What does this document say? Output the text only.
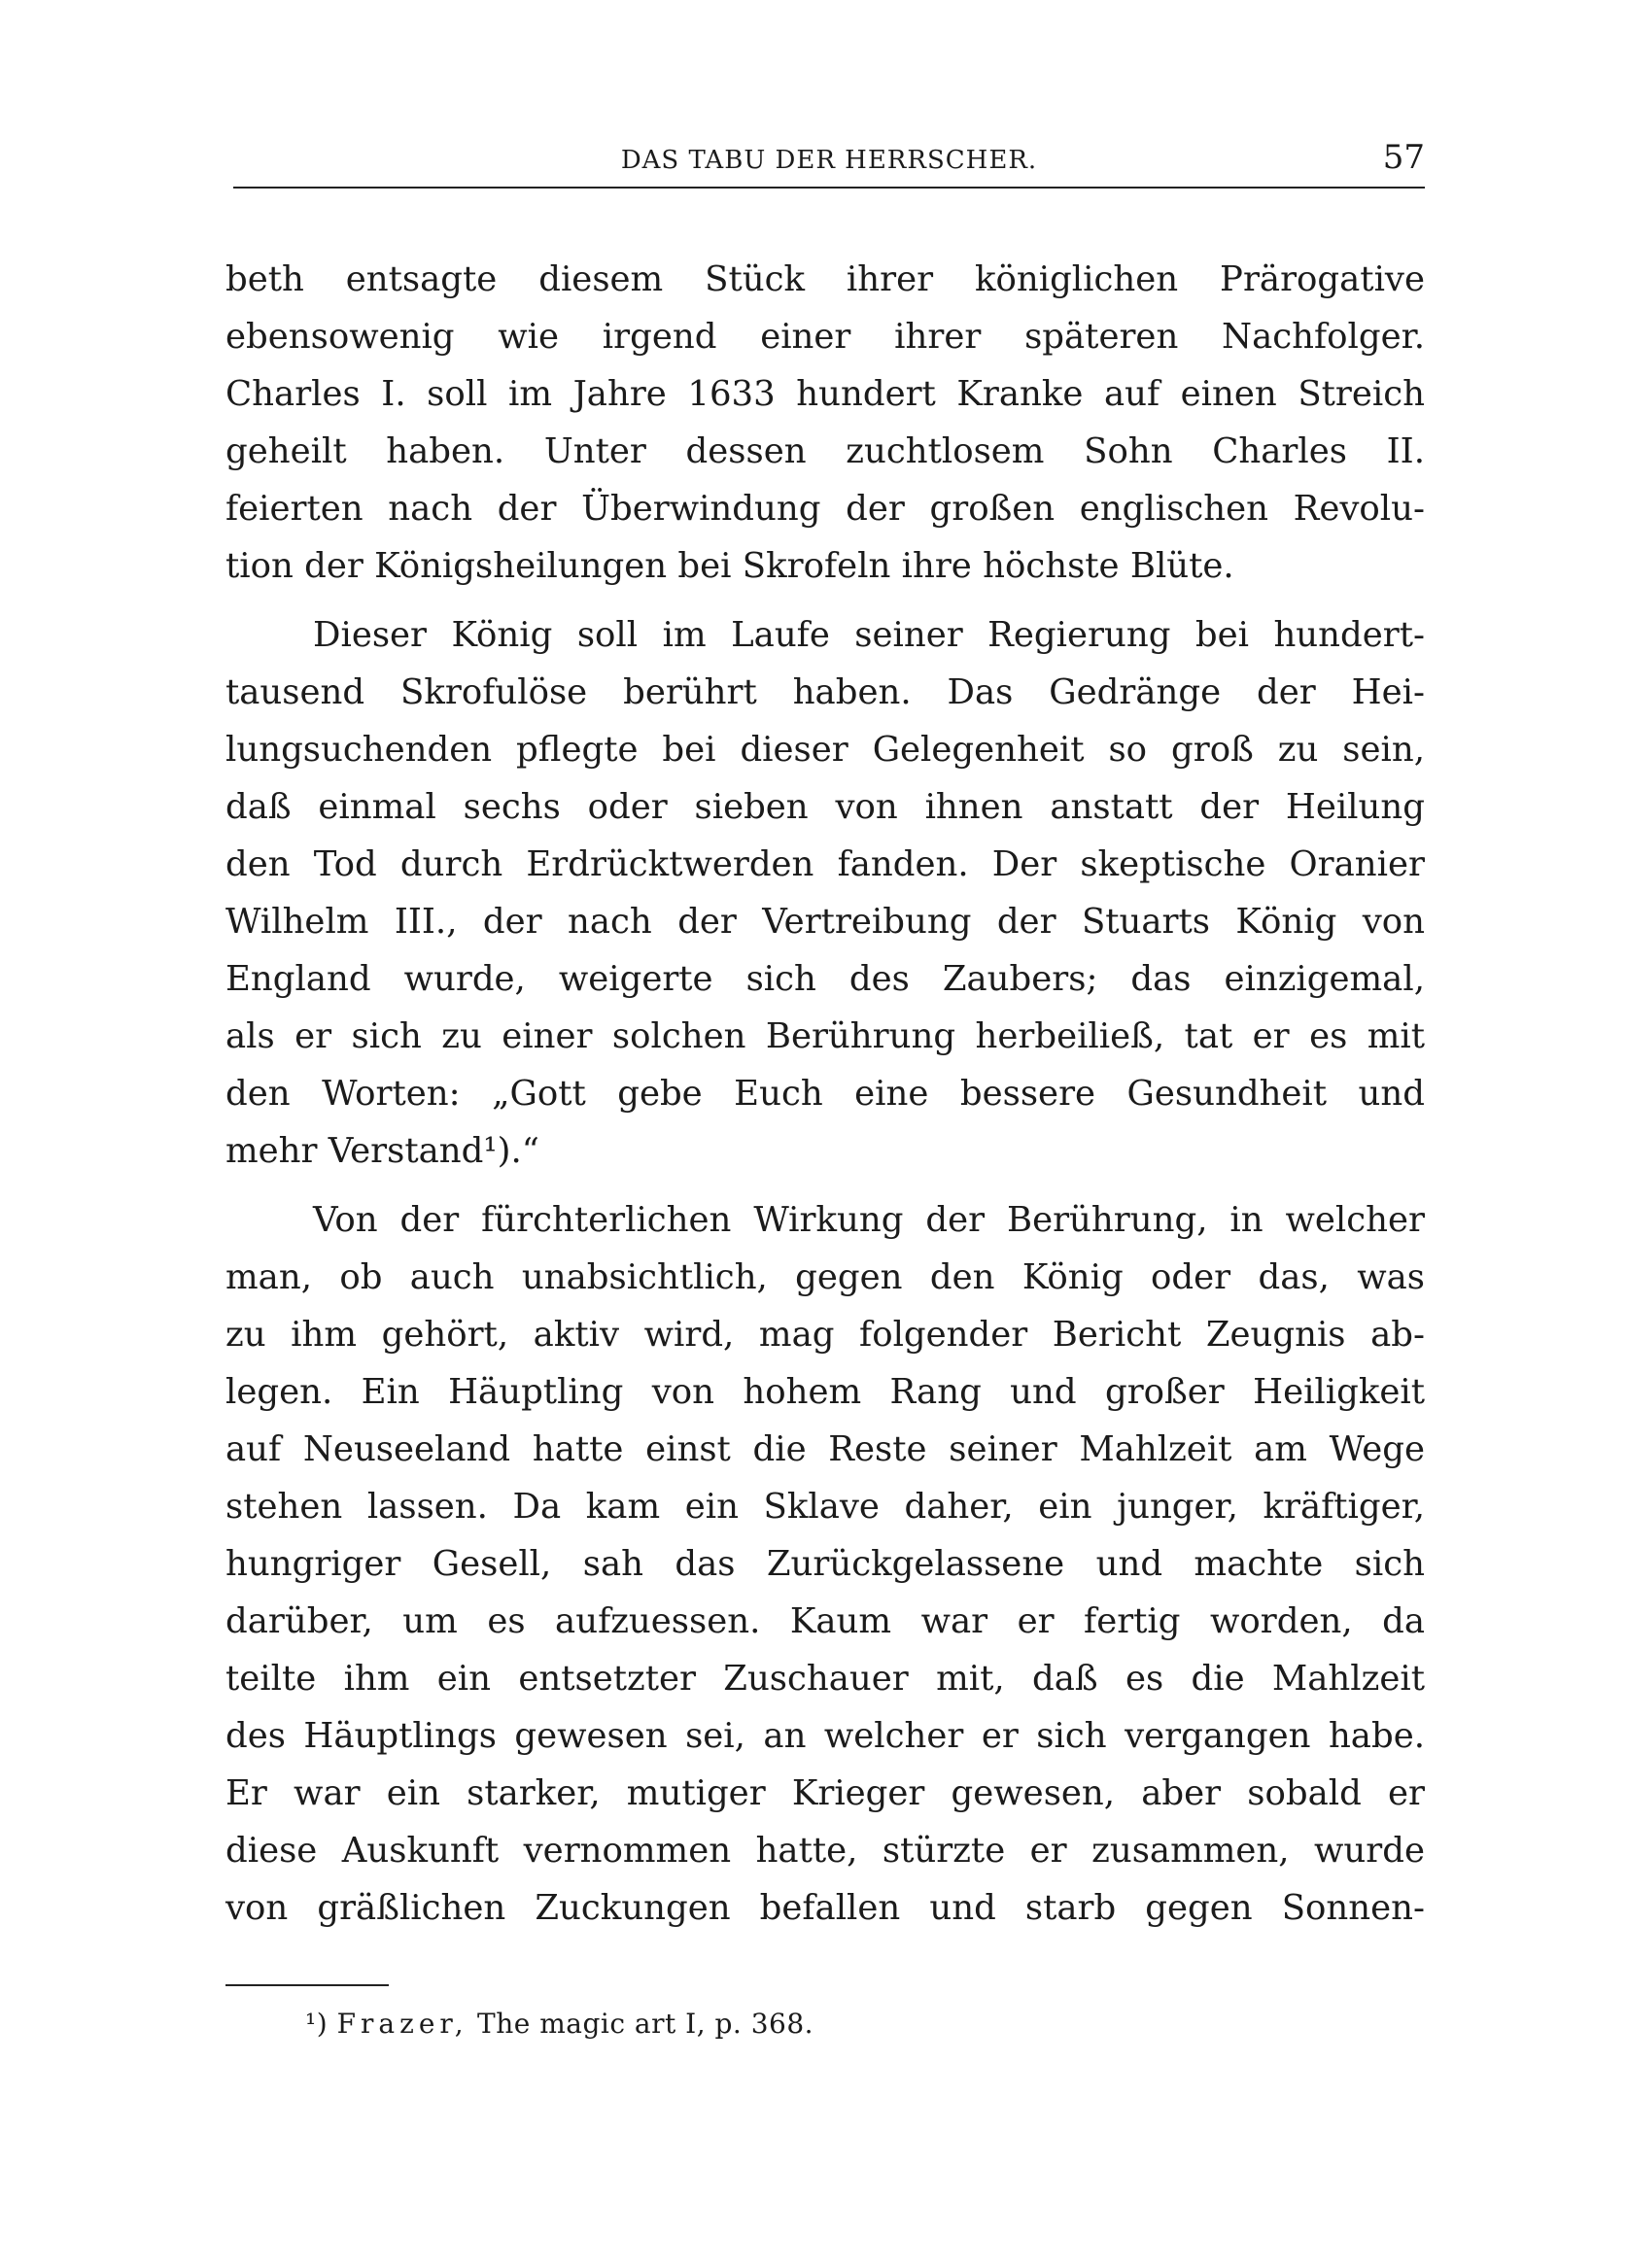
DAS TABU DER HERRSCHER.	57
beth entsagte diesem Stück ihrer königlichen Prärogative
ebensowenig wie irgend einer ihrer späteren Nachfolger.
Charles I. soll im Jahre 1633 hundert Kranke auf einen Streich
geheilt haben. Unter dessen zuchtlosem Sohn Charles II.
feierten nach der Überwindung der großen englischen Revolu-
tion der Königsheilungen bei Skrofeln ihre höchste Blüte.
Dieser König soll im Laufe seiner Regierung bei hundert-
tausend Skrofulöse berührt haben. Das Gedränge der Hei-
lungsuchenden pflegte bei dieser Gelegenheit so groß zu sein,
daß einmal sechs oder sieben von ihnen anstatt der Heilung
den Tod durch Erdrücktwerden fanden. Der skeptische Oranier
Wilhelm III., der nach der Vertreibung der Stuarts König von
England wurde, weigerte sich des Zaubers; das einzigemal,
als er sich zu einer solchen Berührung herbeiließ, tat er es mit
den Worten: „Gott gebe Euch eine bessere Gesundheit und
mehr Verstand¹).“
Von der fürchterlichen Wirkung der Berührung, in welcher
man, ob auch unabsichtlich, gegen den König oder das, was
zu ihm gehört, aktiv wird, mag folgender Bericht Zeugnis ab-
legen. Ein Häuptling von hohem Rang und großer Heiligkeit
auf Neuseeland hatte einst die Reste seiner Mahlzeit am Wege
stehen lassen. Da kam ein Sklave daher, ein junger, kräftiger,
hungriger Gesell, sah das Zurückgelassene und machte sich
darüber, um es aufzuessen. Kaum war er fertig worden, da
teilte ihm ein entsetzter Zuschauer mit, daß es die Mahlzeit
des Häuptlings gewesen sei, an welcher er sich vergangen habe.
Er war ein starker, mutiger Krieger gewesen, aber sobald er
diese Auskunft vernommen hatte, stürzte er zusammen, wurde
von gräßlichen Zuckungen befallen und starb gegen Sonnen-
¹) Frazer, The magic art I, p. 368.
